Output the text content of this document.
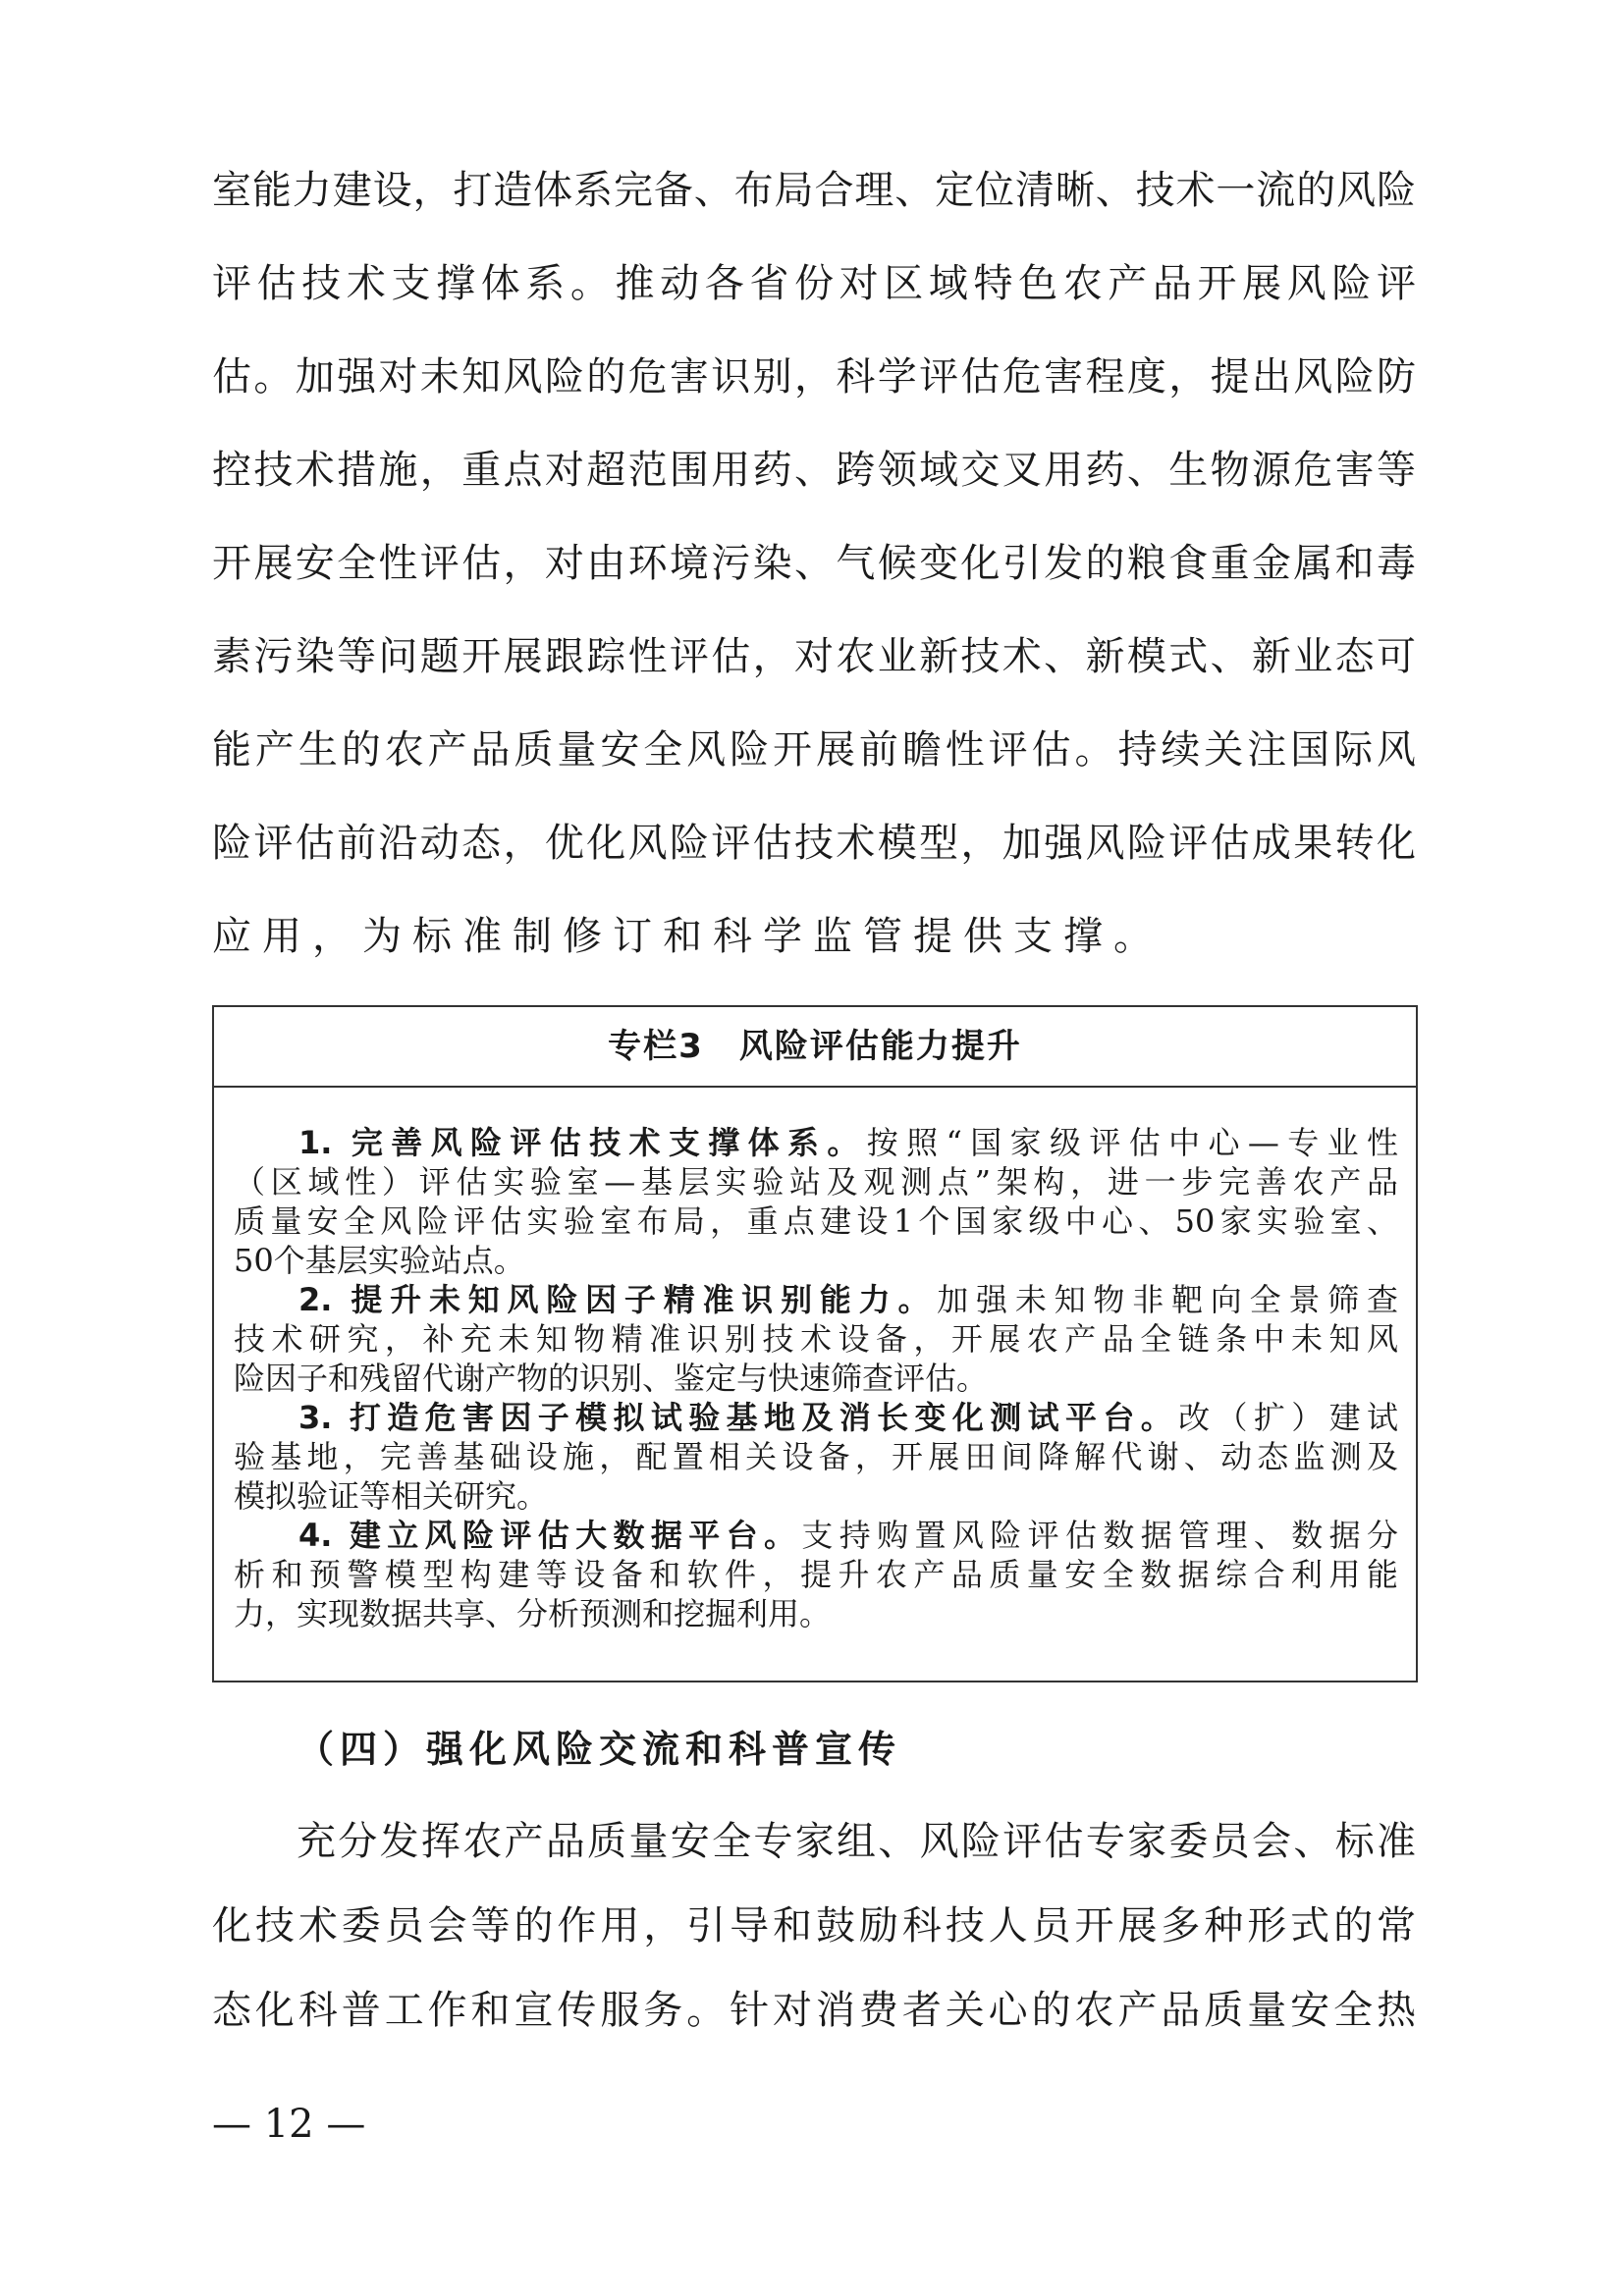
室能力建设，打造体系完备、布局合理、定位清晰、技术一流的风险
评估技术支撑体系。推动各省份对区域特色农产品开展风险评
估。加强对未知风险的危害识别，科学评估危害程度，提出风险防
控技术措施，重点对超范围用药、跨领域交叉用药、生物源危害等
开展安全性评估，对由环境污染、气候变化引发的粮食重金属和毒
素污染等问题开展跟踪性评估，对农业新技术、新模式、新业态可
能产生的农产品质量安全风险开展前瞻性评估。持续关注国际风
险评估前沿动态，优化风险评估技术模型，加强风险评估成果转化
应用，为标准制修订和科学监管提供支撑。
专栏3　风险评估能力提升
1. 完善风险评估技术支撑体系。按照“国家级评估中心—专业性
（区域性）评估实验室—基层实验站及观测点”架构，进一步完善农产品
质量安全风险评估实验室布局，重点建设1个国家级中心、50家实验室、
50个基层实验站点。
2. 提升未知风险因子精准识别能力。加强未知物非靶向全景筛查
技术研究，补充未知物精准识别技术设备，开展农产品全链条中未知风
险因子和残留代谢产物的识别、鉴定与快速筛查评估。
3. 打造危害因子模拟试验基地及消长变化测试平台。改（扩）建试
验基地，完善基础设施，配置相关设备，开展田间降解代谢、动态监测及
模拟验证等相关研究。
4. 建立风险评估大数据平台。支持购置风险评估数据管理、数据分
析和预警模型构建等设备和软件，提升农产品质量安全数据综合利用能
力，实现数据共享、分析预测和挖掘利用。
（四）强化风险交流和科普宣传
充分发挥农产品质量安全专家组、风险评估专家委员会、标准
化技术委员会等的作用，引导和鼓励科技人员开展多种形式的常
态化科普工作和宣传服务。针对消费者关心的农产品质量安全热
— 12 —
